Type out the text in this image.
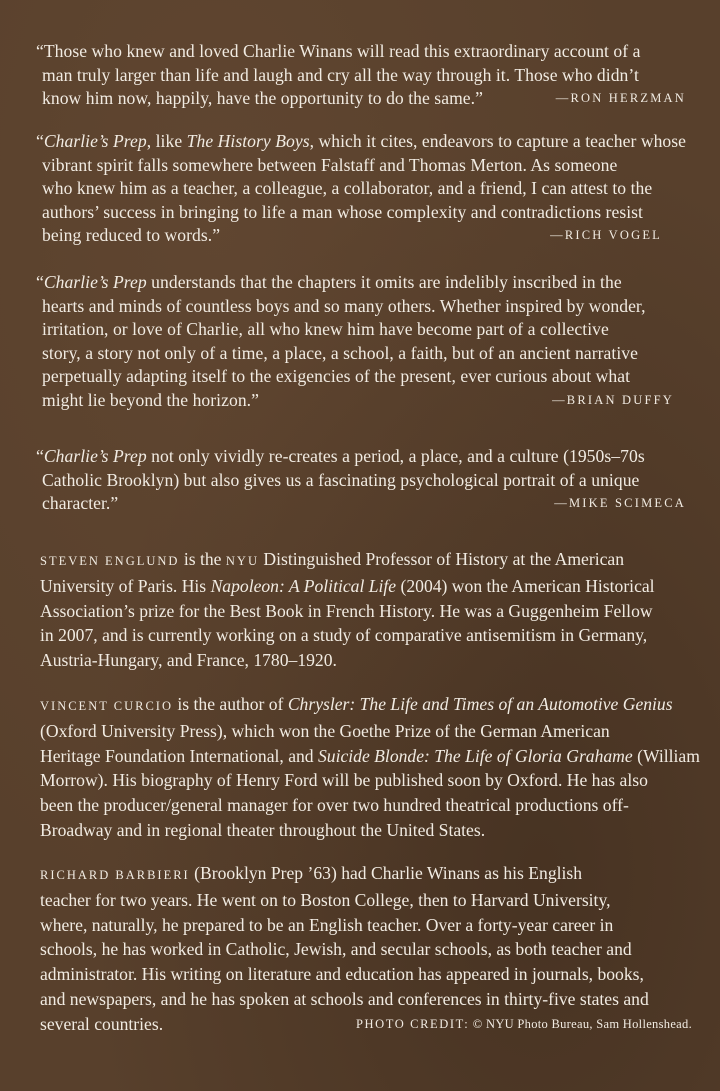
“Those who knew and loved Charlie Winans will read this extraordinary account of a
man truly larger than life and laugh and cry all the way through it. Those who didn’t
know him now, happily, have the opportunity to do the same.”	—RON HERZMAN
“Charlie’s Prep, like The History Boys, which it cites, endeavors to capture a teacher whose
vibrant spirit falls somewhere between Falstaff and Thomas Merton. As someone
who knew him as a teacher, a colleague, a collaborator, and a friend, I can attest to the
authors’ success in bringing to life a man whose complexity and contradictions resist
being reduced to words.”	—RICH VOGEL
“Charlie’s Prep understands that the chapters it omits are indelibly inscribed in the
hearts and minds of countless boys and so many others. Whether inspired by wonder,
irritation, or love of Charlie, all who knew him have become part of a collective
story, a story not only of a time, a place, a school, a faith, but of an ancient narrative
perpetually adapting itself to the exigencies of the present, ever curious about what
might lie beyond the horizon.”	—BRIAN DUFFY
“Charlie’s Prep not only vividly re-creates a period, a place, and a culture (1950s–70s
Catholic Brooklyn) but also gives us a fascinating psychological portrait of a unique
character.”	—MIKE SCIMECA
STEVEN ENGLUND is the NYU Distinguished Professor of History at the American
University of Paris. His Napoleon: A Political Life (2004) won the American Historical
Association’s prize for the Best Book in French History. He was a Guggenheim Fellow
in 2007, and is currently working on a study of comparative antisemitism in Germany,
Austria-Hungary, and France, 1780–1920.
VINCENT CURCIO is the author of Chrysler: The Life and Times of an Automotive Genius
(Oxford University Press), which won the Goethe Prize of the German American
Heritage Foundation International, and Suicide Blonde: The Life of Gloria Grahame (William
Morrow). His biography of Henry Ford will be published soon by Oxford. He has also
been the producer/general manager for over two hundred theatrical productions off-
Broadway and in regional theater throughout the United States.
RICHARD BARBIERI (Brooklyn Prep ’63) had Charlie Winans as his English
teacher for two years. He went on to Boston College, then to Harvard University,
where, naturally, he prepared to be an English teacher. Over a forty-year career in
schools, he has worked in Catholic, Jewish, and secular schools, as both teacher and
administrator. His writing on literature and education has appeared in journals, books,
and newspapers, and he has spoken at schools and conferences in thirty-five states and
several countries.	PHOTO CREDIT: © NYU Photo Bureau, Sam Hollenshead.
